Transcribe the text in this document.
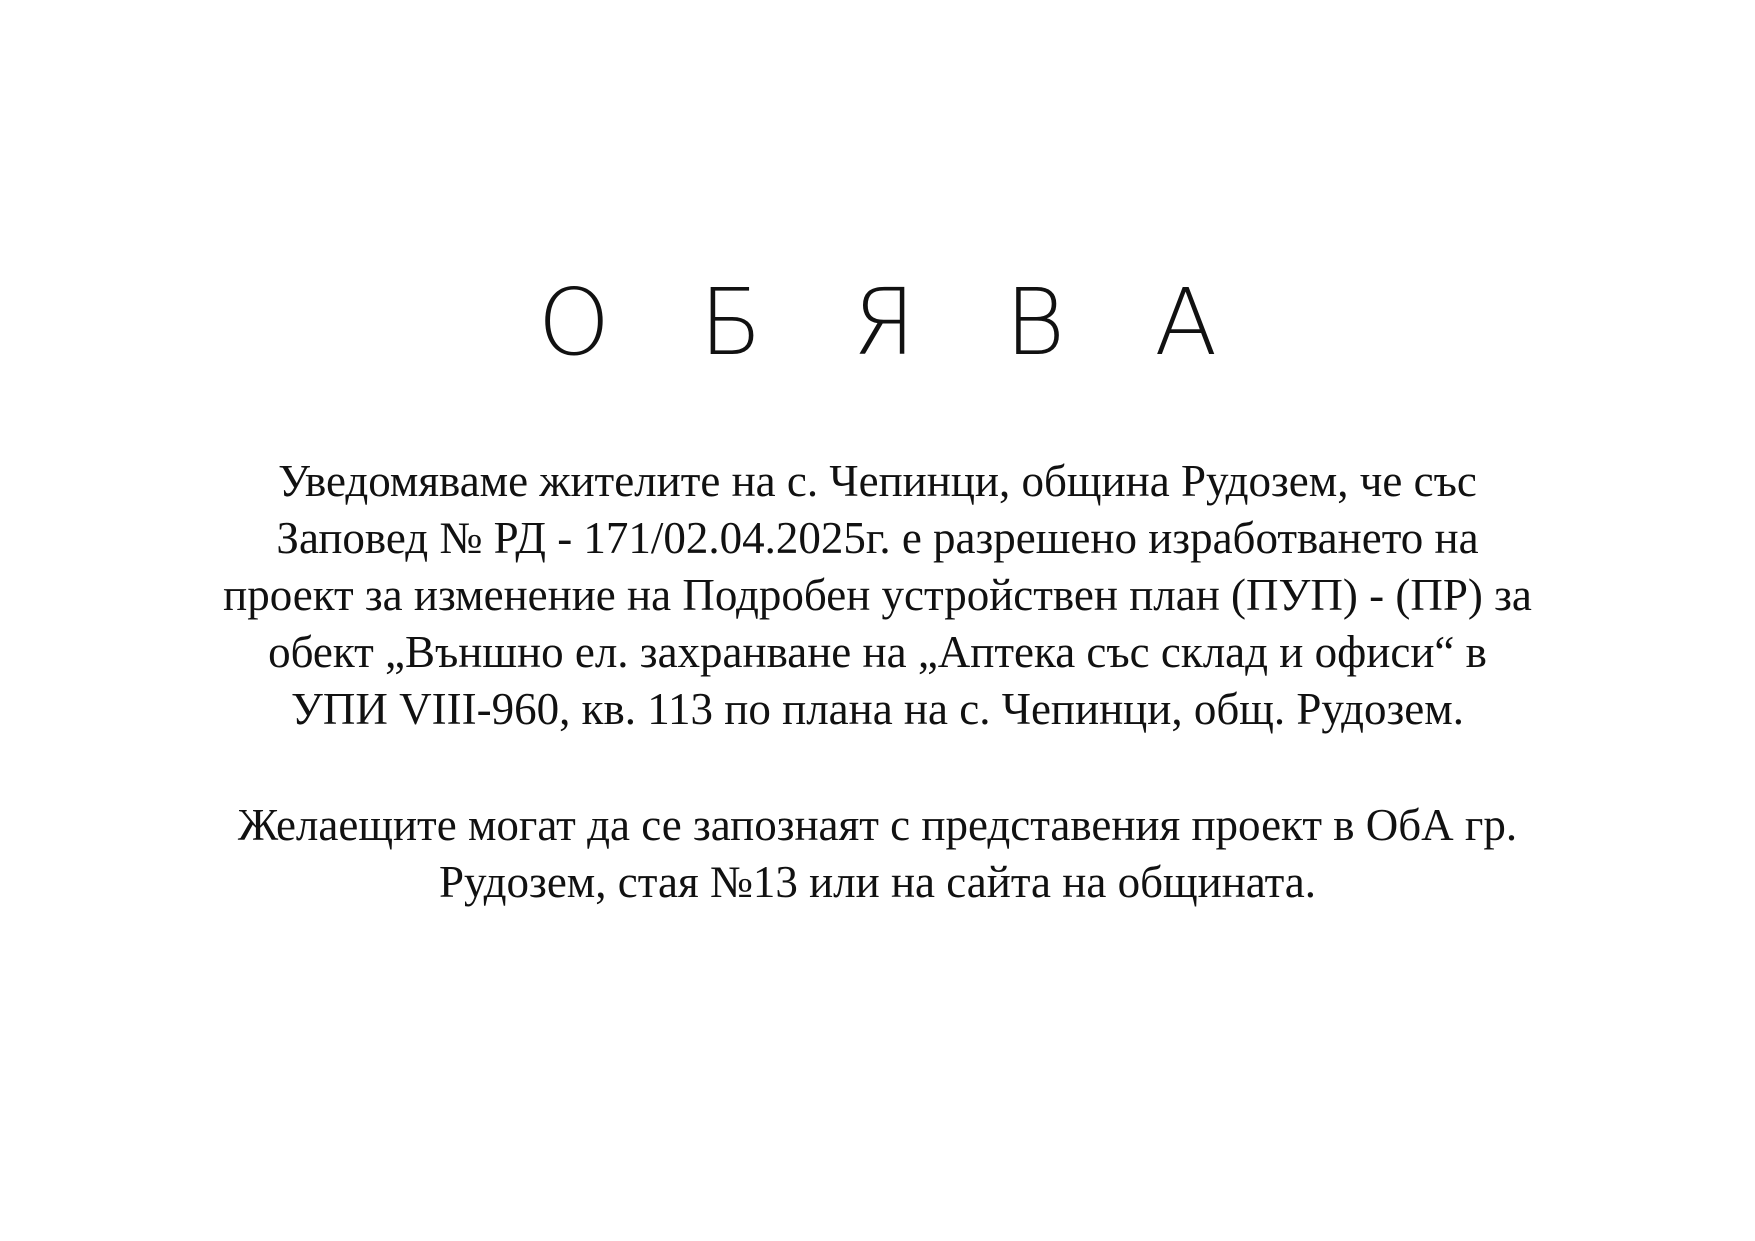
О Б Я В А
Уведомяваме жителите на с. Чепинци, община Рудозем, че със
Заповед № РД - 171/02.04.2025г. е разрешено изработването на
проект за изменение на Подробен устройствен план (ПУП) - (ПР) за
обект „Външно ел. захранване на „Аптека със склад и офиси“ в
УПИ VIII-960, кв. 113 по плана на с. Чепинци, общ. Рудозем.
Желаещите могат да се запознаят с представения проект в ОбА гр.
Рудозем, стая №13 или на сайта на общината.
